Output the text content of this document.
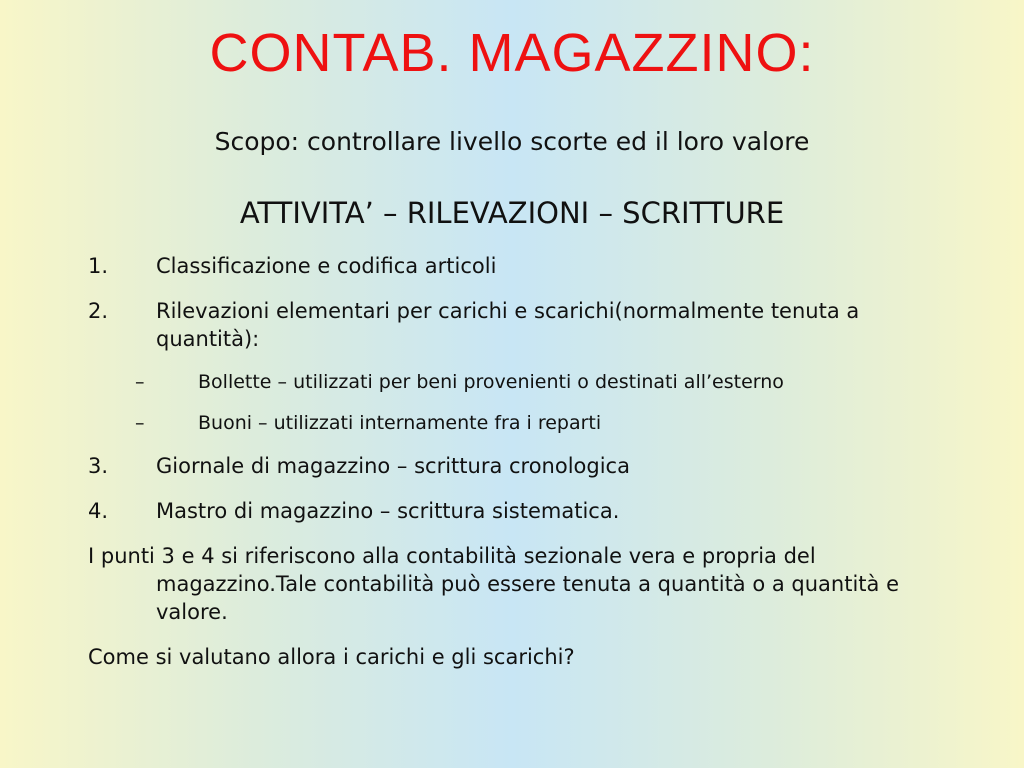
CONTAB. MAGAZZINO:
Scopo: controllare livello scorte ed il loro valore
ATTIVITA’ – RILEVAZIONI – SCRITTURE
1. Classificazione e codifica articoli
2. Rilevazioni elementari per carichi e scarichi(normalmente tenuta a quantità):
–	Bollette – utilizzati per beni provenienti o destinati all’esterno
–	Buoni – utilizzati internamente fra i reparti
3. Giornale di magazzino – scrittura cronologica
4. Mastro di magazzino – scrittura sistematica.
I punti 3 e 4 si riferiscono alla contabilità sezionale vera e propria del magazzino.Tale contabilità può essere tenuta a quantità o a quantità e valore.
Come si valutano allora i carichi e gli scarichi?
